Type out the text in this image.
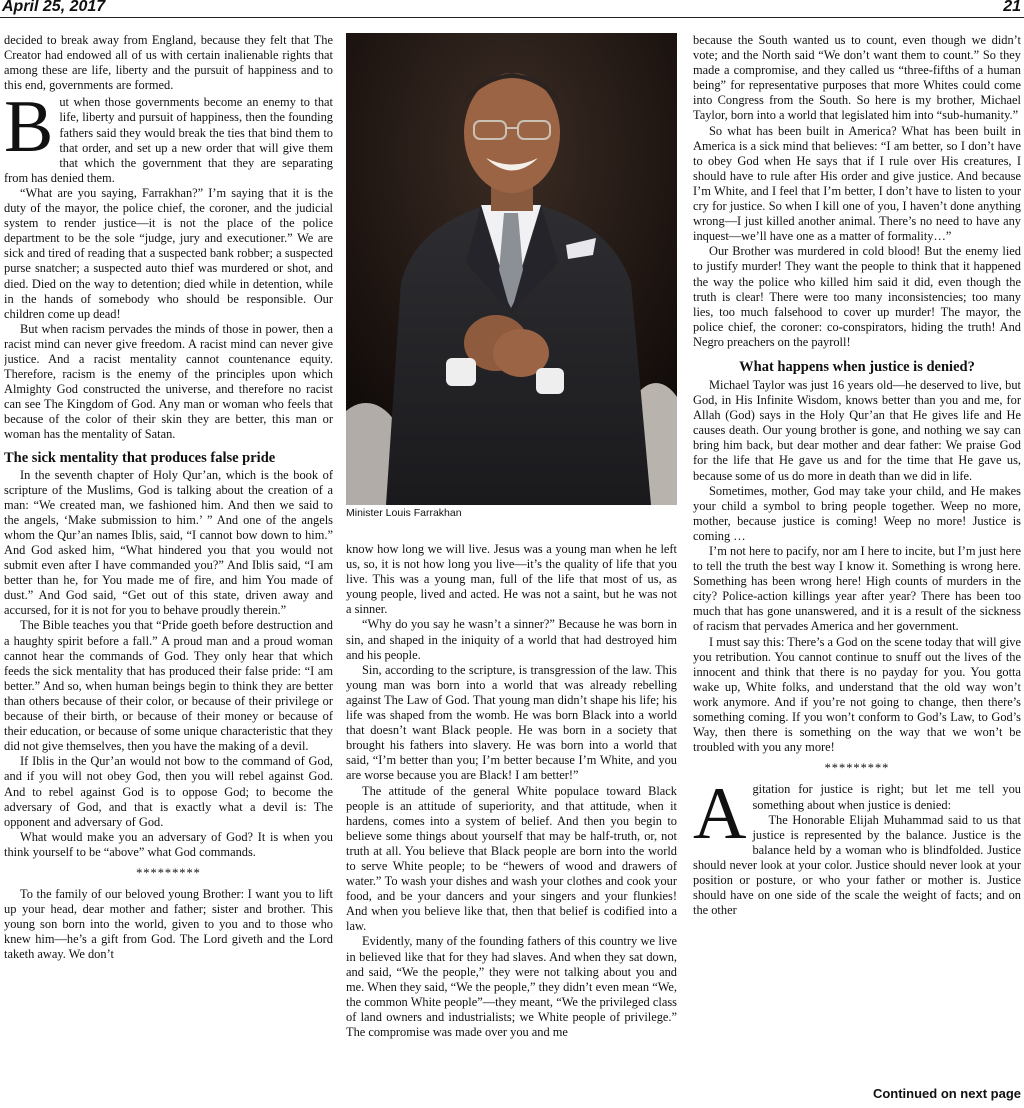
April 25, 2017	21

decided to break away from England, because they felt that The Creator had endowed all of us with certain inalienable rights that among these are life, liberty and the pursuit of happiness and to this end, governments are formed.

But when those governments become an enemy to that life, liberty and pursuit of happiness, then the founding fathers said they would break the ties that bind them to that order, and set up a new order that will give them that which the government that they are separating from has denied them.

“What are you saying, Farrakhan?” I’m saying that it is the duty of the mayor, the police chief, the coroner, and the judicial system to render justice—it is not the place of the police department to be the sole “judge, jury and executioner.” We are sick and tired of reading that a suspected bank robber; a suspected purse snatcher; a suspected auto thief was murdered or shot, and died. Died on the way to detention; died while in detention, while in the hands of somebody who should be responsible. Our children come up dead!

But when racism pervades the minds of those in power, then a racist mind can never give freedom. A racist mind can never give justice. And a racist mentality cannot countenance equity. Therefore, racism is the enemy of the principles upon which Almighty God constructed the universe, and therefore no racist can see The Kingdom of God. Any man or woman who feels that because of the color of their skin they are better, this man or woman has the mentality of Satan.

The sick mentality that produces false pride

In the seventh chapter of Holy Qur’an, which is the book of scripture of the Muslims, God is talking about the creation of a man: “We created man, we fashioned him. And then we said to the angels, ‘Make submission to him.’ ” And one of the angels whom the Qur’an names Iblis, said, “I cannot bow down to him.” And God asked him, “What hindered you that you would not submit even after I have commanded you?” And Iblis said, “I am better than he, for You made me of fire, and him You made of dust.” And God said, “Get out of this state, driven away and accursed, for it is not for you to behave proudly therein.”

The Bible teaches you that “Pride goeth before destruction and a haughty spirit before a fall.” A proud man and a proud woman cannot hear the commands of God. They only hear that which feeds the sick mentality that has produced their false pride: “I am better.” And so, when human beings begin to think they are better than others because of their color, or because of their privilege or because of their birth, or because of their money or because of their education, or because of some unique characteristic that they did not give themselves, then you have the making of a devil.

If Iblis in the Qur’an would not bow to the command of God, and if you will not obey God, then you will rebel against God. And to rebel against God is to oppose God; to become the adversary of God, and that is exactly what a devil is: The opponent and adversary of God.

What would make you an adversary of God? It is when you think yourself to be “above” what God commands.

*********

To the family of our beloved young Brother: I want you to lift up your head, dear mother and father; sister and brother. This young son born into the world, given to you and to those who knew him—he’s a gift from God. The Lord giveth and the Lord taketh away. We don’t

Minister Louis Farrakhan

know how long we will live. Jesus was a young man when he left us, so, it is not how long you live—it’s the quality of life that you live. This was a young man, full of the life that most of us, as young people, lived and acted. He was not a saint, but he was not a sinner.

“Why do you say he wasn’t a sinner?” Because he was born in sin, and shaped in the iniquity of a world that had destroyed him and his people.

Sin, according to the scripture, is transgression of the law. This young man was born into a world that was already rebelling against The Law of God. That young man didn’t shape his life; his life was shaped from the womb. He was born Black into a world that doesn’t want Black people. He was born in a society that brought his fathers into slavery. He was born into a world that said, “I’m better than you; I’m better because I’m White, and you are worse because you are Black! I am better!”

The attitude of the general White populace toward Black people is an attitude of superiority, and that attitude, when it hardens, comes into a system of belief. And then you begin to believe some things about yourself that may be half-truth, or, not truth at all. You believe that Black people are born into the world to serve White people; to be “hewers of wood and drawers of water.” To wash your dishes and wash your clothes and cook your food, and be your dancers and your singers and your flunkies! And when you believe like that, then that belief is codified into a law.

Evidently, many of the founding fathers of this country we live in believed like that for they had slaves. And when they sat down, and said, “We the people,” they were not talking about you and me. When they said, “We the people,” they didn’t even mean “We, the common White people”—they meant, “We the privileged class of land owners and industrialists; we White people of privilege.” The compromise was made over you and me

because the South wanted us to count, even though we didn’t vote; and the North said “We don’t want them to count.” So they made a compromise, and they called us “three-fifths of a human being” for representative purposes that more Whites could come into Congress from the South. So here is my brother, Michael Taylor, born into a world that legislated him into “sub-humanity.”

So what has been built in America? What has been built in America is a sick mind that believes: “I am better, so I don’t have to obey God when He says that if I rule over His creatures, I should have to rule after His order and give justice. And because I’m White, and I feel that I’m better, I don’t have to listen to your cry for justice. So when I kill one of you, I haven’t done anything wrong—I just killed another animal. There’s no need to have any inquest—we’ll have one as a matter of formality…”

Our Brother was murdered in cold blood! But the enemy lied to justify murder! They want the people to think that it happened the way the police who killed him said it did, even though the truth is clear! There were too many inconsistencies; too many lies, too much falsehood to cover up murder! The mayor, the police chief, the coroner: co-conspirators, hiding the truth! And Negro preachers on the payroll!

What happens when justice is denied?

Michael Taylor was just 16 years old—he deserved to live, but God, in His Infinite Wisdom, knows better than you and me, for Allah (God) says in the Holy Qur’an that He gives life and He causes death. Our young brother is gone, and nothing we say can bring him back, but dear mother and dear father: We praise God for the life that He gave us and for the time that He gave us, because some of us do more in death than we did in life.

Sometimes, mother, God may take your child, and He makes your child a symbol to bring people together. Weep no more, mother, because justice is coming! Weep no more! Justice is coming …

I’m not here to pacify, nor am I here to incite, but I’m just here to tell the truth the best way I know it. Something is wrong here. Something has been wrong here! High counts of murders in the city? Police-action killings year after year? There has been too much that has gone unanswered, and it is a result of the sickness of racism that pervades America and her government.

I must say this: There’s a God on the scene today that will give you retribution. You cannot continue to snuff out the lives of the innocent and think that there is no payday for you. You gotta wake up, White folks, and understand that the old way won’t work anymore. And if you’re not going to change, then there’s something coming. If you won’t conform to God’s Law, to God’s Way, then there is something on the way that we won’t be troubled with you any more!

*********

Agitation for justice is right; but let me tell you something about when justice is denied:

The Honorable Elijah Muhammad said to us that justice is represented by the balance. Justice is the balance held by a woman who is blindfolded. Justice should never look at your color. Justice should never look at your position or posture, or who your father or mother is. Justice should have on one side of the scale the weight of facts; and on the other

Continued on next page
